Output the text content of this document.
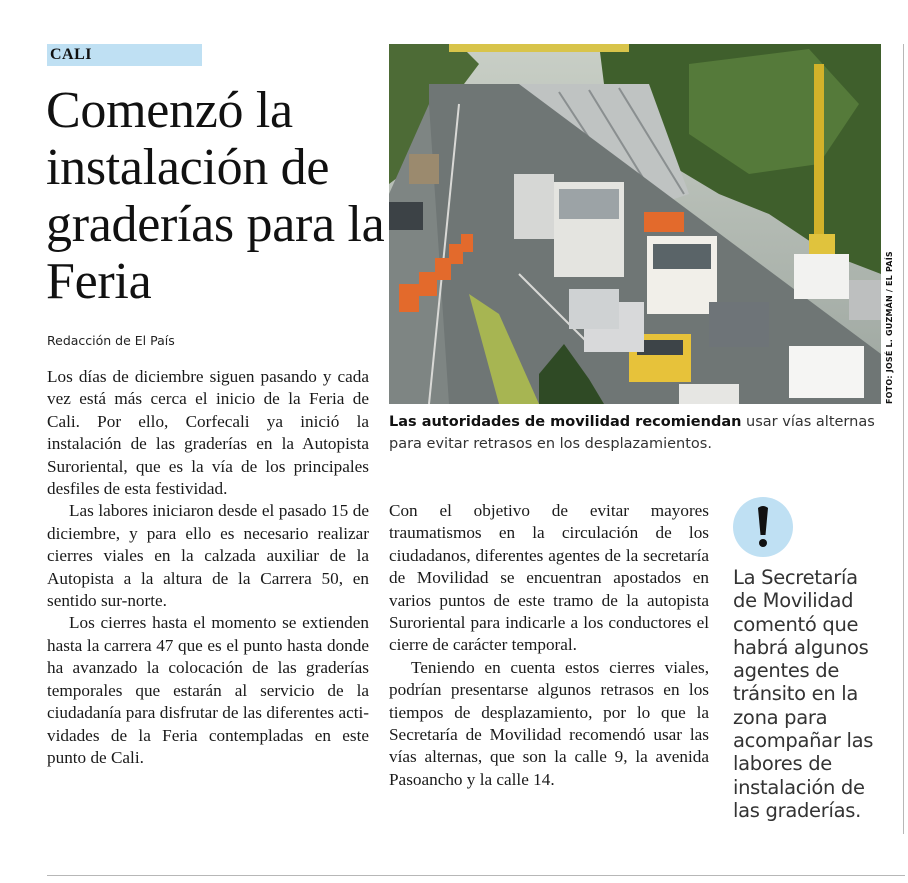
CALI
Comenzó la instalación de graderías para la Feria
Redacción de El País	FOTO: JOSÉ L. GUZMÁN / EL PAÍS
Las autoridades de movilidad recomiendan usar vías alternas para evitar retrasos en los desplazamientos.

Los días de diciembre siguen pasando y cada vez está más cerca el inicio de la Feria de Cali. Por ello, Corfecali ya inició la instalación de las graderías en la Autopista Suroriental, que es la vía de los principales desfiles de esta festividad.

Las labores iniciaron desde el pasado 15 de diciembre, y para ello es necesario realizar cierres viales en la calzada auxiliar de la Autopista a la altura de la Carrera 50, en sentido sur-norte.

Los cierres hasta el momento se extienden hasta la carrera 47 que es el punto hasta donde ha avanzado la colocación de las graderías temporales que estarán al servicio de la ciudadanía para disfrutar de las diferentes actividades de la Feria contempladas en este punto de Cali.

Con el objetivo de evitar mayores traumatismos en la circulación de los ciudadanos, diferentes agentes de la secretaría de Movilidad se encuentran apostados en varios puntos de este tramo de la autopista Suroriental para indicarle a los conductores el cierre de carácter temporal.

Teniendo en cuenta estos cierres viales, podrían presentarse algunos retrasos en los tiempos de desplazamiento, por lo que la Secretaría de Movilidad recomendó usar las vías alternas, que son la calle 9, la avenida Pasoancho y la calle 14.

La Secretaría de Movilidad comentó que habrá algunos agentes de tránsito en la zona para acompañar las labores de instalación de las graderías.
